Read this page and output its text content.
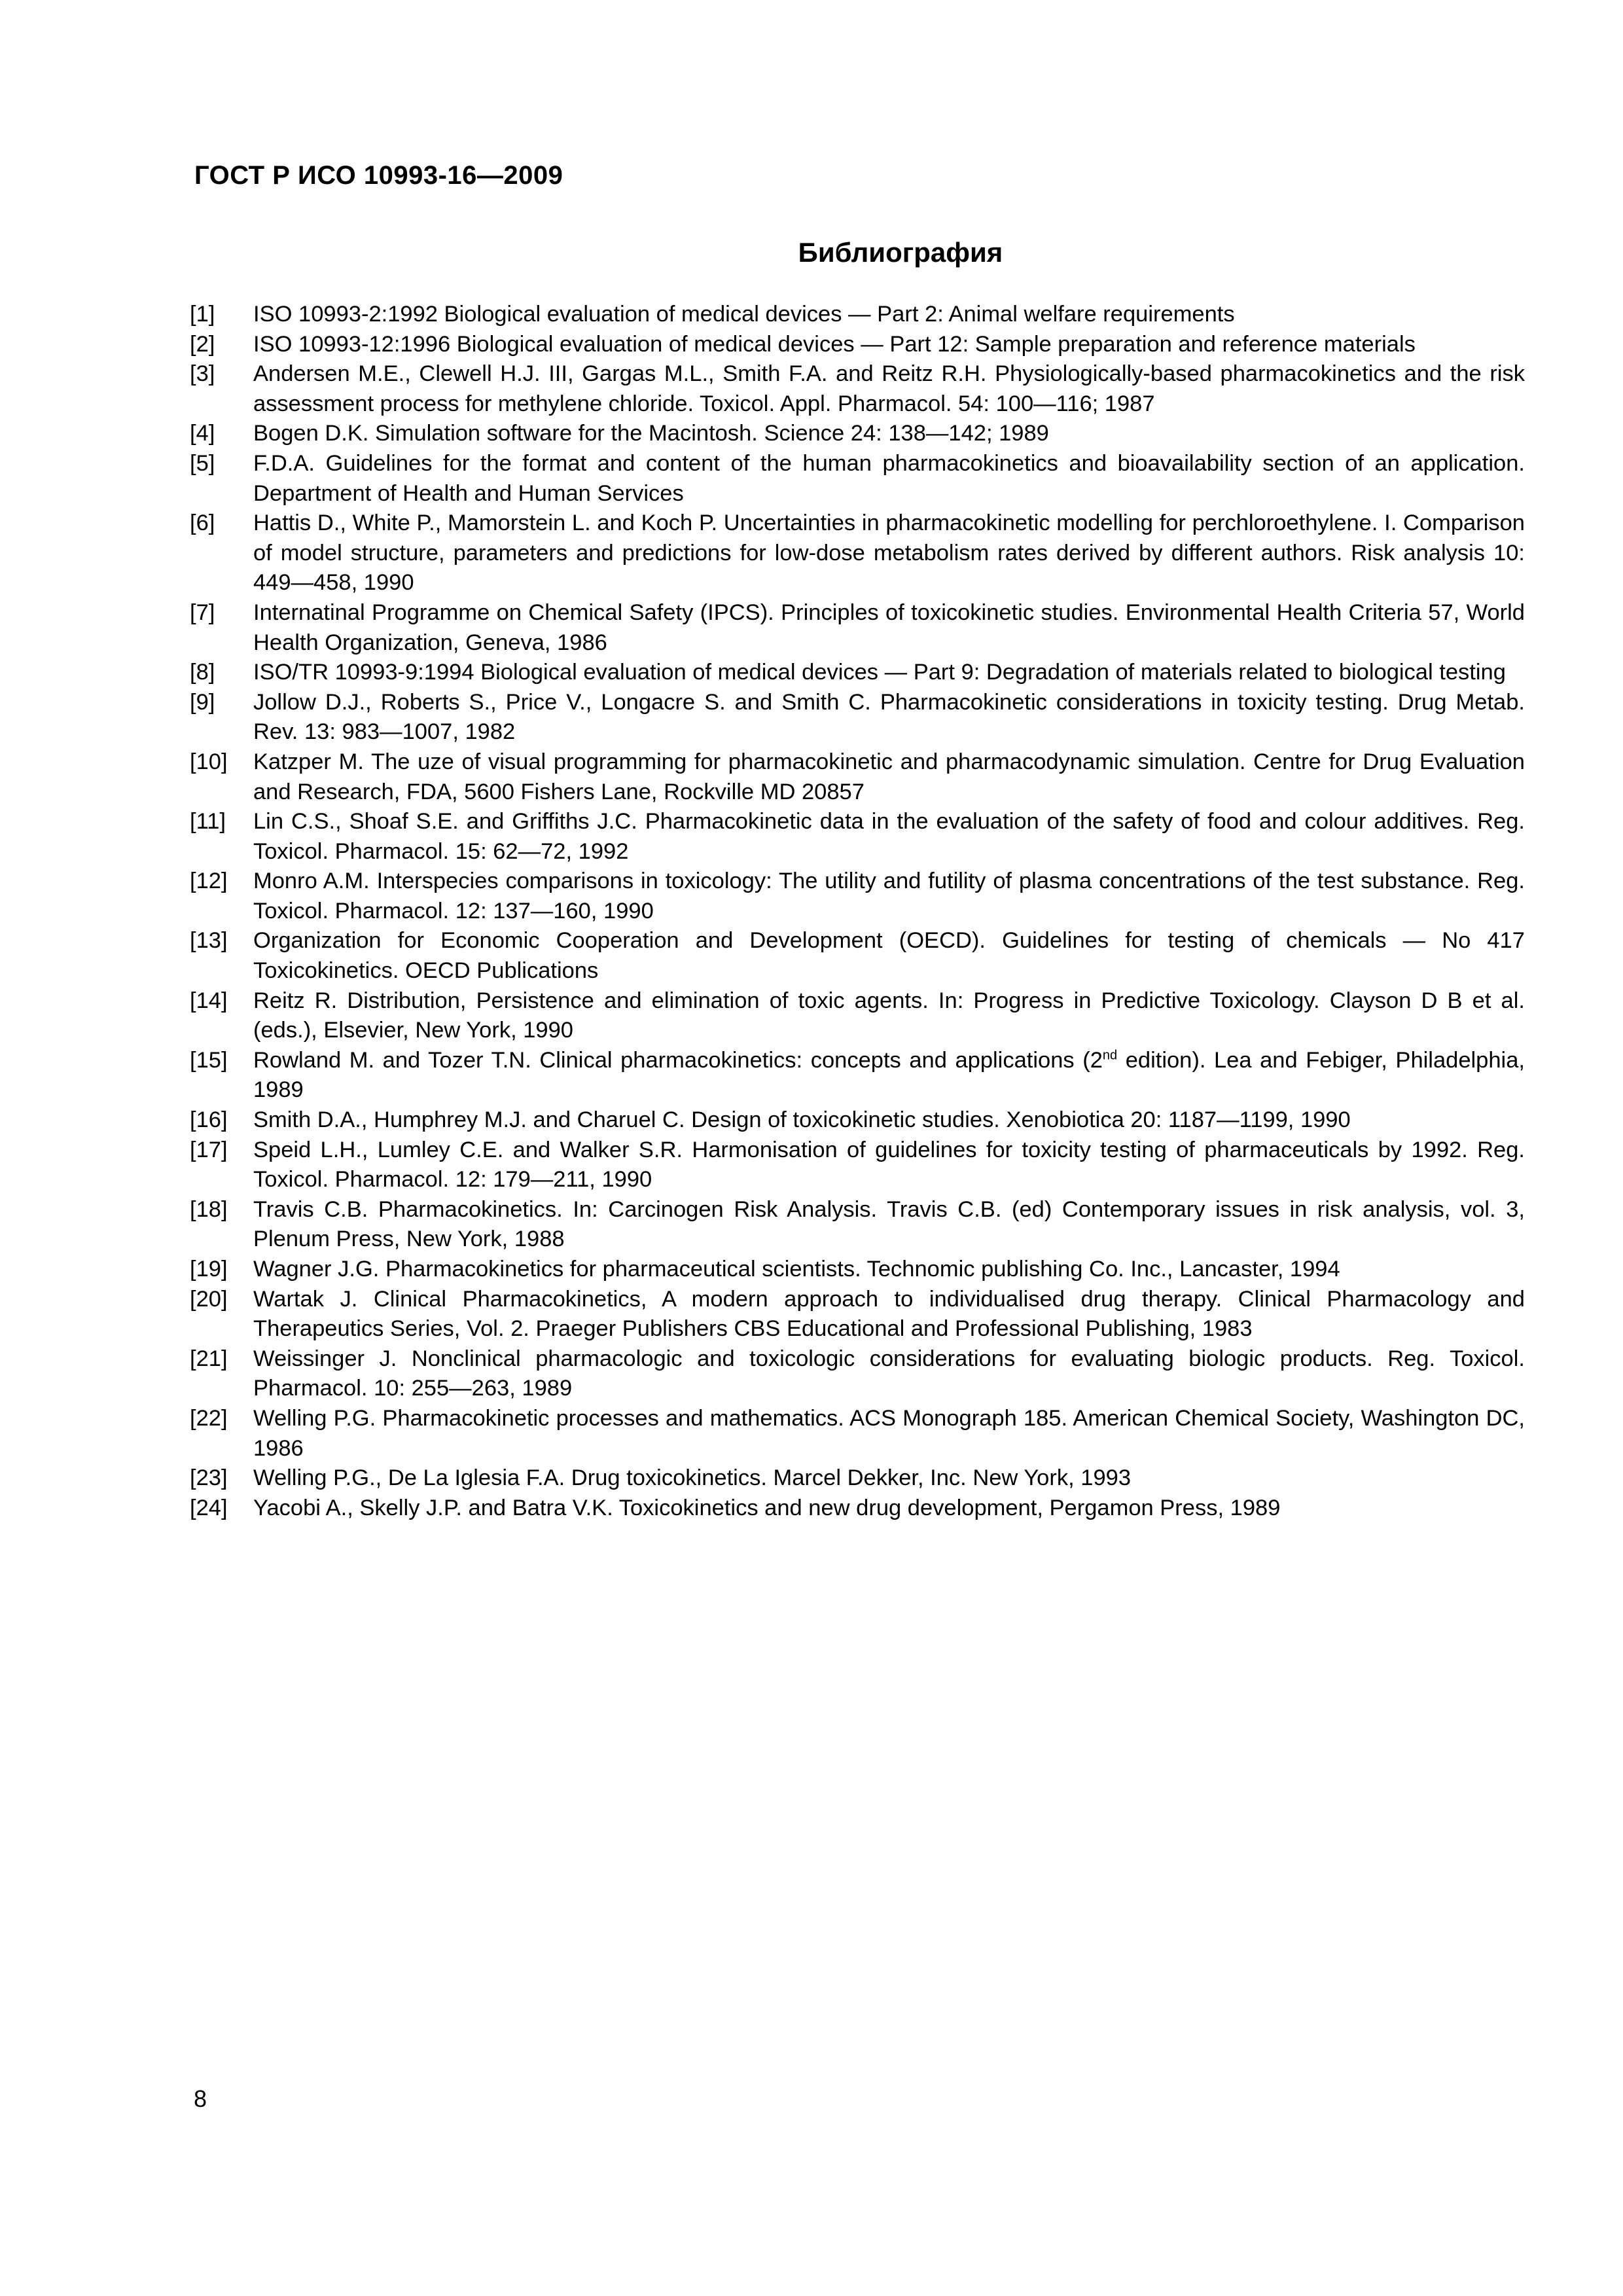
ГОСТ Р ИСО 10993-16—2009
Библиография
[1]	ISO 10993-2:1992 Biological evaluation of medical devices — Part 2: Animal welfare requirements
[2]	ISO 10993-12:1996 Biological evaluation of medical devices — Part 12: Sample preparation and reference materials
[3]	Andersen M.E., Clewell H.J. III, Gargas M.L., Smith F.A. and Reitz R.H. Physiologically-based pharmacokinetics and the risk assessment process for methylene chloride. Toxicol. Appl. Pharmacol. 54: 100—116; 1987
[4]	Bogen D.K. Simulation software for the Macintosh. Science 24: 138—142; 1989
[5]	F.D.A. Guidelines for the format and content of the human pharmacokinetics and bioavailability section of an application. Department of Health and Human Services
[6]	Hattis D., White P., Mamorstein L. and Koch P. Uncertainties in pharmacokinetic modelling for perchloroethylene. I. Comparison of model structure, parameters and predictions for low-dose metabolism rates derived by different authors. Risk analysis 10: 449—458, 1990
[7]	Internatinal Programme on Chemical Safety (IPCS). Principles of toxicokinetic studies. Environmental Health Criteria 57, World Health Organization, Geneva, 1986
[8]	ISO/TR 10993-9:1994 Biological evaluation of medical devices — Part 9: Degradation of materials related to biological testing
[9]	Jollow D.J., Roberts S., Price V., Longacre S. and Smith C. Pharmacokinetic considerations in toxicity testing. Drug Metab. Rev. 13: 983—1007, 1982
[10]	Katzper M. The uze of visual programming for pharmacokinetic and pharmacodynamic simulation. Centre for Drug Evaluation and Research, FDA, 5600 Fishers Lane, Rockville MD 20857
[11]	Lin C.S., Shoaf S.E. and Griffiths J.C. Pharmacokinetic data in the evaluation of the safety of food and colour additives. Reg. Toxicol. Pharmacol. 15: 62—72, 1992
[12]	Monro A.M. Interspecies comparisons in toxicology: The utility and futility of plasma concentrations of the test substance. Reg. Toxicol. Pharmacol. 12: 137—160, 1990
[13]	Organization for Economic Cooperation and Development (OECD). Guidelines for testing of chemicals — No 417 Toxicokinetics. OECD Publications
[14]	Reitz R. Distribution, Persistence and elimination of toxic agents. In: Progress in Predictive Toxicology. Clayson D B et al. (eds.), Elsevier, New York, 1990
[15]	Rowland M. and Tozer T.N. Clinical pharmacokinetics: concepts and applications (2nd edition). Lea and Febiger, Philadelphia, 1989
[16]	Smith D.A., Humphrey M.J. and Charuel C. Design of toxicokinetic studies. Xenobiotica 20: 1187—1199, 1990
[17]	Speid L.H., Lumley C.E. and Walker S.R. Harmonisation of guidelines for toxicity testing of pharmaceuticals by 1992. Reg. Toxicol. Pharmacol. 12: 179—211, 1990
[18]	Travis C.B. Pharmacokinetics. In: Carcinogen Risk Analysis. Travis C.B. (ed) Contemporary issues in risk analysis, vol. 3, Plenum Press, New York, 1988
[19]	Wagner J.G. Pharmacokinetics for pharmaceutical scientists. Technomic publishing Co. Inc., Lancaster, 1994
[20]	Wartak J. Clinical Pharmacokinetics, A modern approach to individualised drug therapy. Clinical Pharmacology and Therapeutics Series, Vol. 2. Praeger Publishers CBS Educational and Professional Publishing, 1983
[21]	Weissinger J. Nonclinical pharmacologic and toxicologic considerations for evaluating biologic products. Reg. Toxicol. Pharmacol. 10: 255—263, 1989
[22]	Welling P.G. Pharmacokinetic processes and mathematics. ACS Monograph 185. American Chemical Society, Washington DC, 1986
[23]	Welling P.G., De La Iglesia F.A. Drug toxicokinetics. Marcel Dekker, Inc. New York, 1993
[24]	Yacobi A., Skelly J.P. and Batra V.K. Toxicokinetics and new drug development, Pergamon Press, 1989
8
